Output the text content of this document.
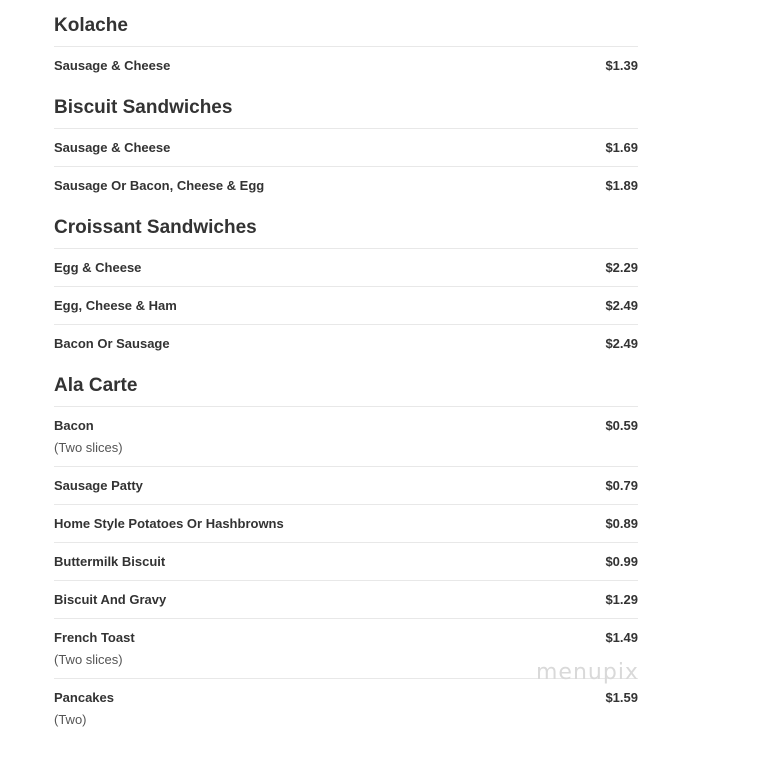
Kolache
Sausage & Cheese	$1.39
Biscuit Sandwiches
Sausage & Cheese	$1.69
Sausage Or Bacon, Cheese & Egg	$1.89
Croissant Sandwiches
Egg & Cheese	$2.29
Egg, Cheese & Ham	$2.49
Bacon Or Sausage	$2.49
Ala Carte
Bacon	$0.59
(Two slices)
Sausage Patty	$0.79
Home Style Potatoes Or Hashbrowns	$0.89
Buttermilk Biscuit	$0.99
Biscuit And Gravy	$1.29
French Toast	$1.49
(Two slices)
Pancakes	$1.59
(Two)
menupix
